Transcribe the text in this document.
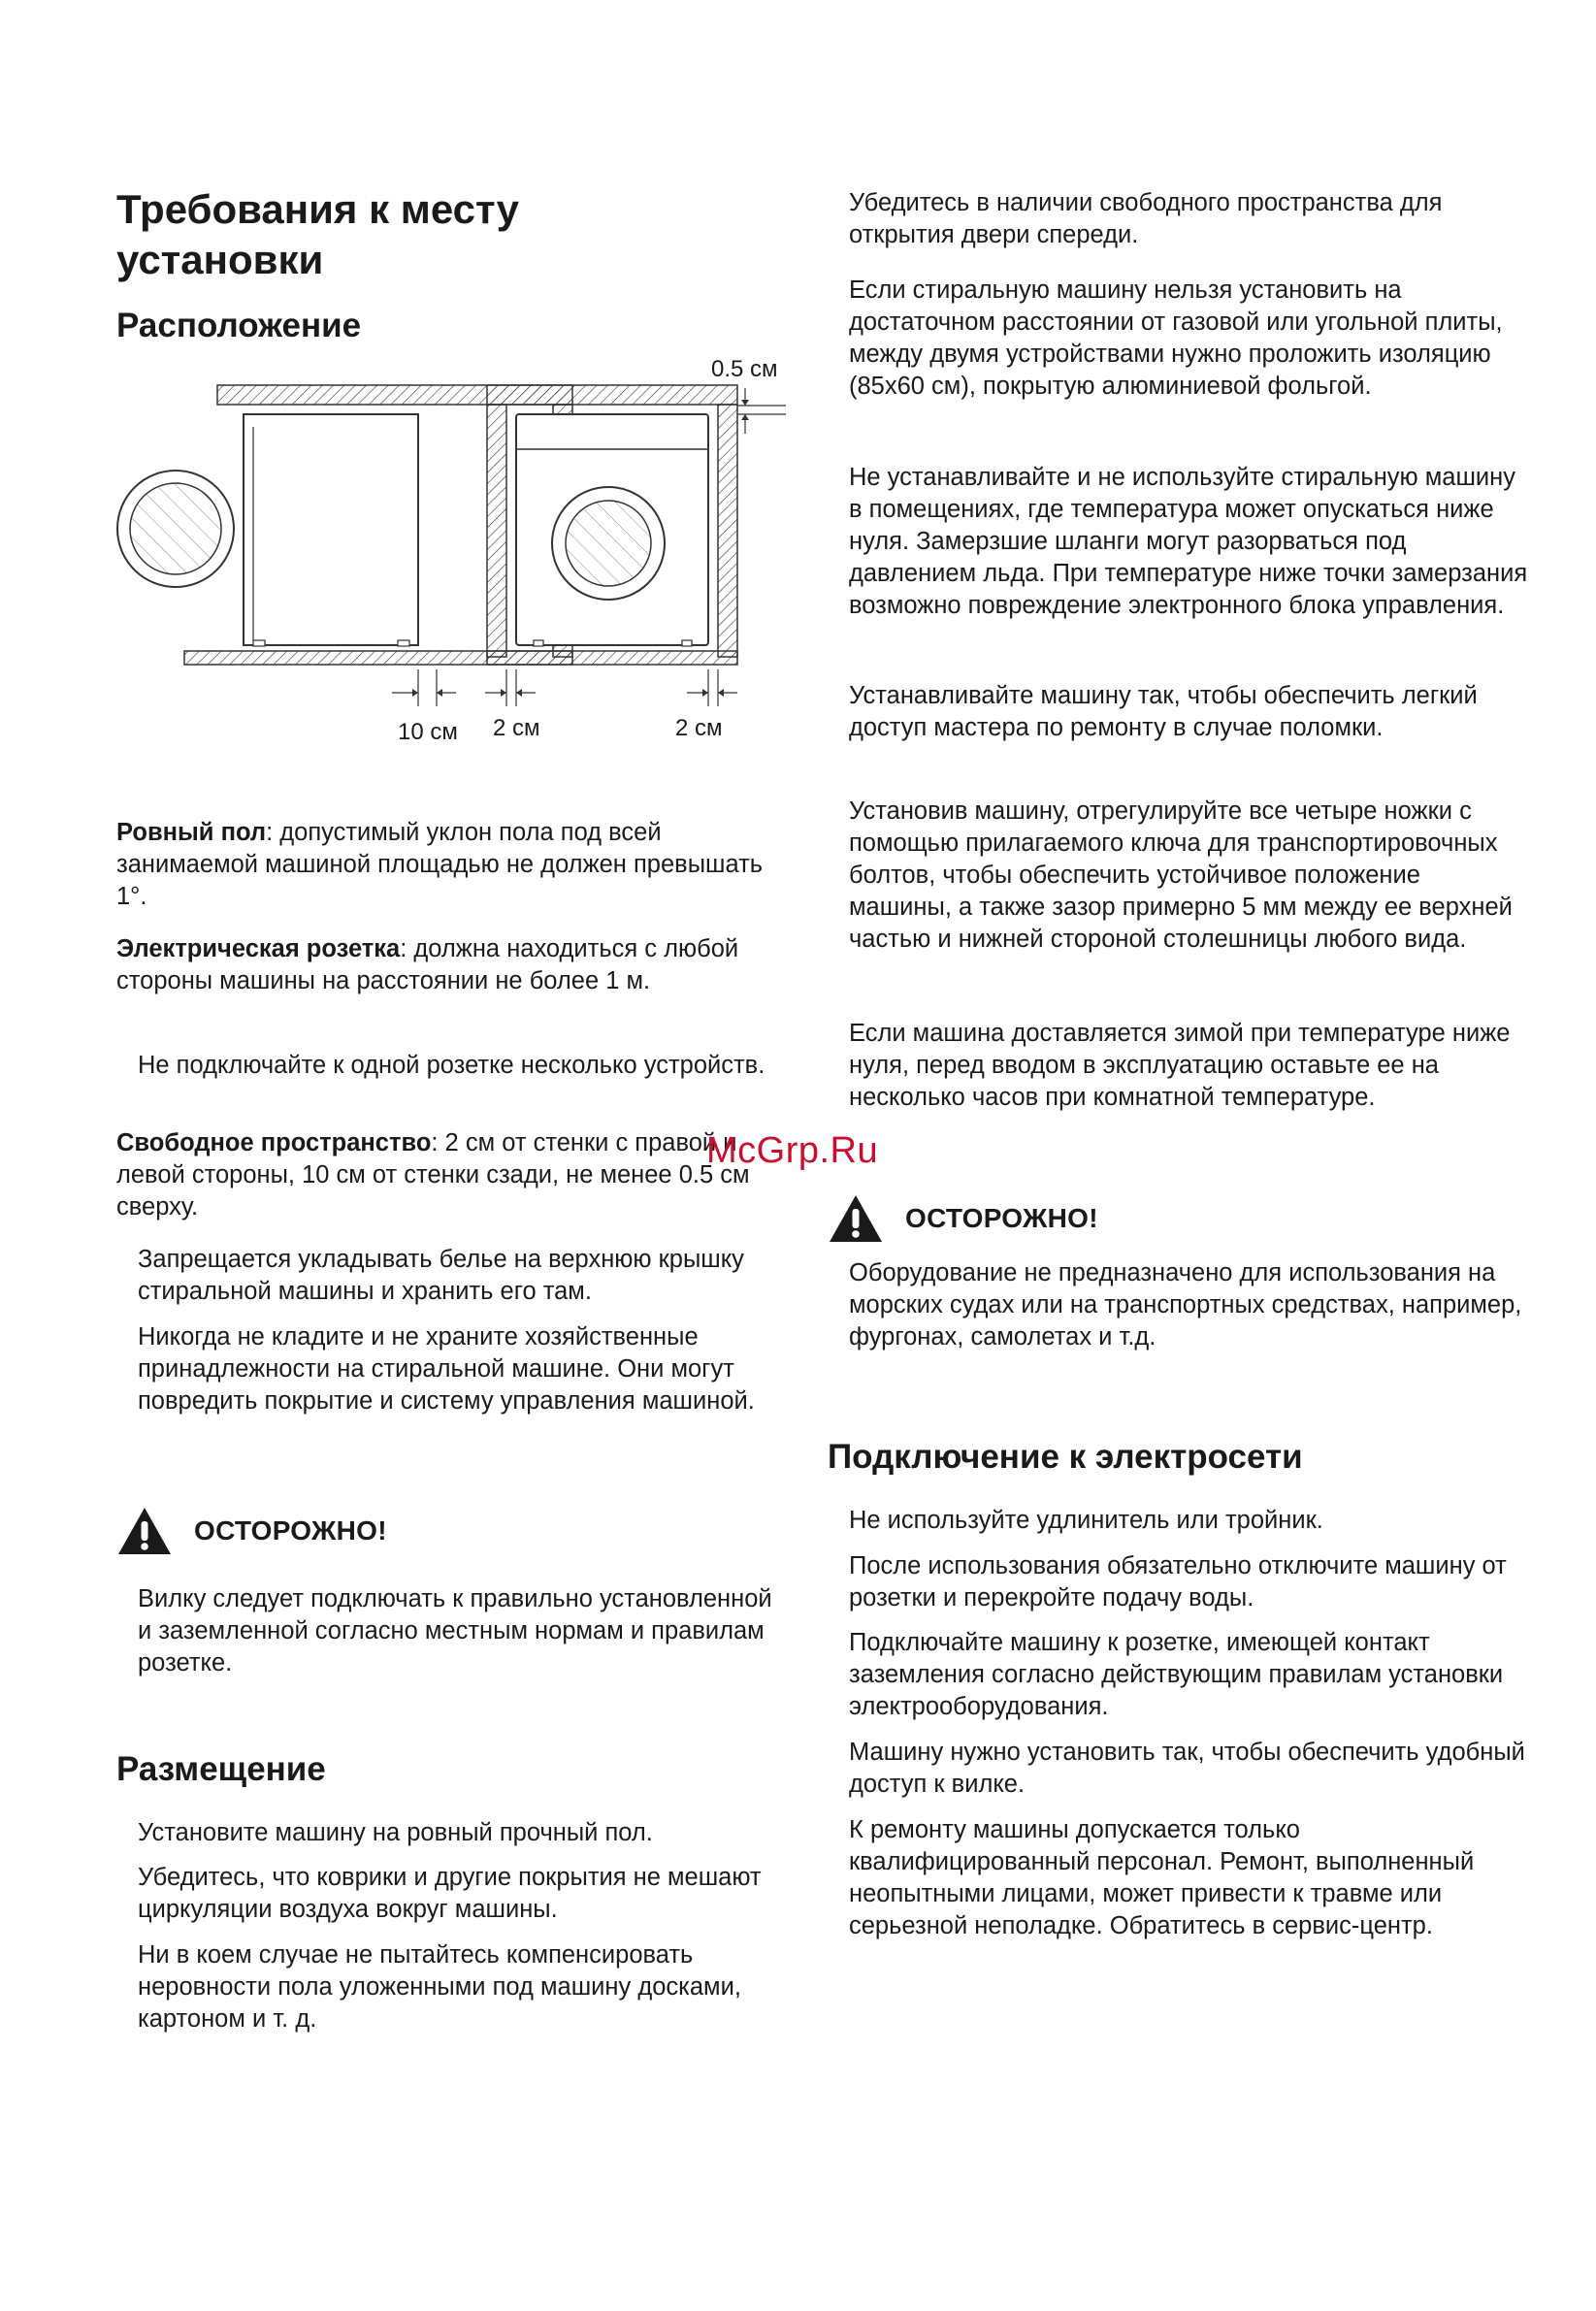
Требования к месту
установки
Расположение
0.5 см
10 см 2 см	2 см

Ровный пол: допустимый уклон пола под всей занимаемой машиной площадью не должен превышать 1°.

Электрическая розетка: должна находиться с любой стороны машины на расстоянии не более 1 м.

Не подключайте к одной розетке несколько устройств.

Свободное пространство: 2 см от стенки с правой и левой стороны, 10 см от стенки сзади, не менее 0.5 см сверху.

Запрещается укладывать белье на верхнюю крышку стиральной машины и хранить его там.

Никогда не кладите и не храните хозяйственные принадлежности на стиральной машине. Они могут повредить покрытие и систему управления машиной.

ОСТОРОЖНО!

Вилку следует подключать к правильно установленной и заземленной согласно местным нормам и правилам розетке.

Размещение

Установите машину на ровный прочный пол.

Убедитесь, что коврики и другие покрытия не мешают циркуляции воздуха вокруг машины.

Ни в коем случае не пытайтесь компенсировать неровности пола уложенными под машину досками, картоном и т. д.

Убедитесь в наличии свободного пространства для открытия двери спереди.

Если стиральную машину нельзя установить на достаточном расстоянии от газовой или угольной плиты, между двумя устройствами нужно проложить изоляцию (85x60 см), покрытую алюминиевой фольгой.

Не устанавливайте и не используйте стиральную машину в помещениях, где температура может опускаться ниже нуля. Замерзшие шланги могут разорваться под давлением льда. При температуре ниже точки замерзания возможно повреждение электронного блока управления.

Устанавливайте машину так, чтобы обеспечить легкий доступ мастера по ремонту в случае поломки.

Установив машину, отрегулируйте все четыре ножки с помощью прилагаемого ключа для транспортировочных болтов, чтобы обеспечить устойчивое положение машины, а также зазор примерно 5 мм между ее верхней частью и нижней стороной столешницы любого вида.

Если машина доставляется зимой при температуре ниже нуля, перед вводом в эксплуатацию оставьте ее на несколько часов при комнатной температуре.

ОСТОРОЖНО!

Оборудование не предназначено для использования на морских судах или на транспортных средствах, например, фургонах, самолетах и т.д.

Подключение к электросети

Не используйте удлинитель или тройник.

После использования обязательно отключите машину от розетки и перекройте подачу воды.

Подключайте машину к розетке, имеющей контакт заземления согласно действующим правилам установки электрооборудования.

Машину нужно установить так, чтобы обеспечить удобный доступ к вилке.

К ремонту машины допускается только квалифицированный персонал. Ремонт, выполненный неопытными лицами, может привести к травме или серьезной неполадке. Обратитесь в сервис-центр.

McGrp.Ru
